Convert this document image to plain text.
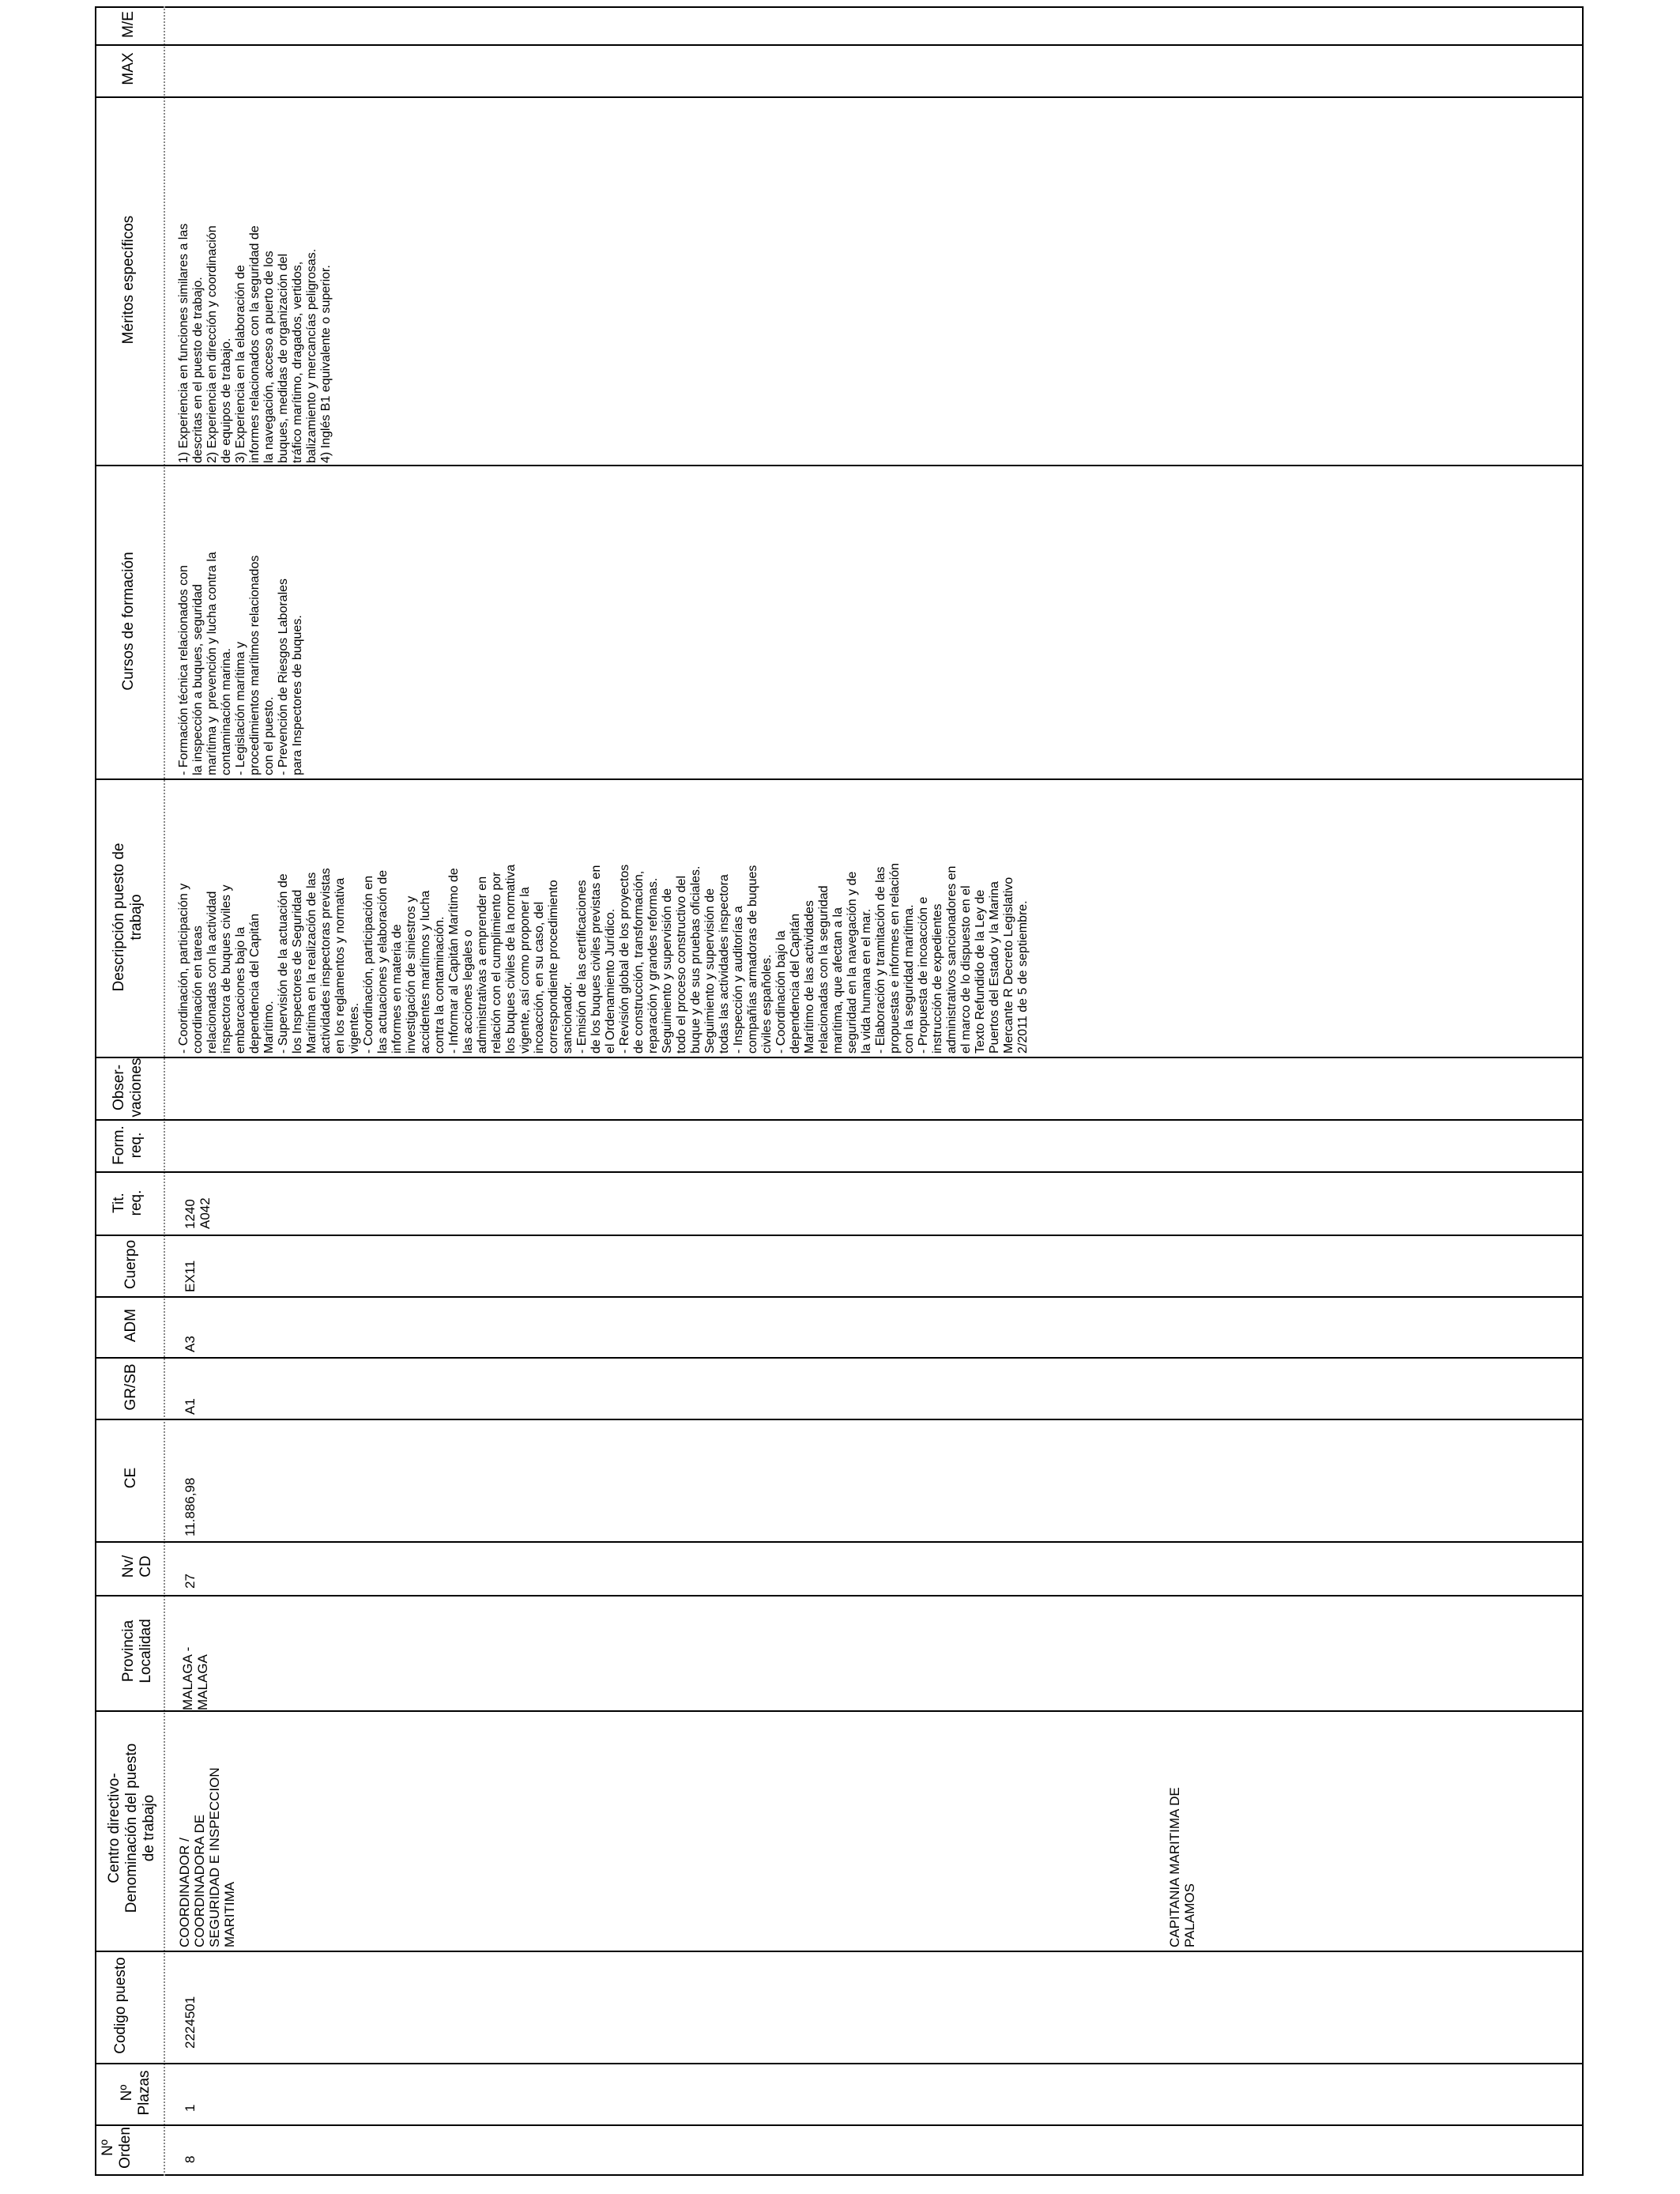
Nº Orden
Nº Plazas
Codigo puesto
Centro directivo-
Denominación del puesto
de trabajo
Provincia
Localidad
Nv/
CD
CE
GR/SB
ADM
Cuerpo
Tit.
req.
Form.
req.
Obser-
vaciones
Descripción puesto de
trabajo
Cursos de formación
Méritos específicos
MAX
M/E
8
1
2224501
COORDINADOR /
COORDINADORA DE
SEGURIDAD E INSPECCION
MARITIMA	CAPITANIA MARITIMA DE
PALAMOS
MALAGA -
MALAGA
27
11.886,98
A1
A3
EX11
1240
A042
- Coordinación, participación y
coordinación en tareas
relacionadas con la actividad
inspectora de buques civiles y
embarcaciones bajo la
dependencia del Capitán
Marítimo.
- Supervisión de la actuación de
los Inspectores de Seguridad
Marítima en la realización de las
actividades inspectoras previstas
en los reglamentos y normativa
vigentes.
- Coordinación, participación en
las actuaciones y elaboración de
informes en materia de
investigación de siniestros y
accidentes marítimos y lucha
contra la contaminación.
- Informar al Capitán Marítimo de
las acciones legales o
administrativas a emprender en
relación con el cumplimiento por
los buques civiles de la normativa
vigente, así como proponer la
incoacción, en su caso, del
correspondiente procedimiento
sancionador.
- Emisión de las certificaciones
de los buques civiles previstas en
el Ordenamiento Jurídico.
- Revisión global de los proyectos
de construcción, transformación,
reparación y grandes reformas.
Seguimiento y supervisión de
todo el proceso constructivo del
buque y de sus pruebas oficiales.
Seguimiento y supervisión de
todas las actividades inspectora
- Inspección y auditorías a
compañías armadoras de buques
civiles españoles.
- Coordinación bajo la
dependencia del Capitán
Marítimo de las actividades
relacionadas con la seguridad
marítima, que afectan a la
seguridad en la navegación y de
la vida humana en el mar.
- Elaboración y tramitación de las
propuestas e informes en relación
con la seguridad marítima.
- Propuesta de incoacción e
instrucción de expedientes
administrativos sancionadores en
el marco de lo dispuesto en el
Texto Refundido de la Ley de
Puertos del Estado y la Marina
Mercante R Decreto Legislativo
2/2011 de 5 de septiembre.
- Formación técnica relacionados con
la inspección a buques, seguridad
marítima y  prevención y lucha contra la
contaminación marina.
- Legislación marítima y
procedimientos marítimos relacionados
con el puesto.
- Prevención de Riesgos Laborales
para Inspectores de buques.
1) Experiencia en funciones similares a las
descritas en el puesto de trabajo.
2) Experiencia en dirección y coordinación
de equipos de trabajo.
3) Experiencia en la elaboración de
informes relacionados con la seguridad de
la navegación, acceso a puerto de los
buques, medidas de organización del
tráfico marítimo, dragados, vertidos,
balizamiento y mercancías peligrosas.
4) Inglés B1 equivalente o superior.
